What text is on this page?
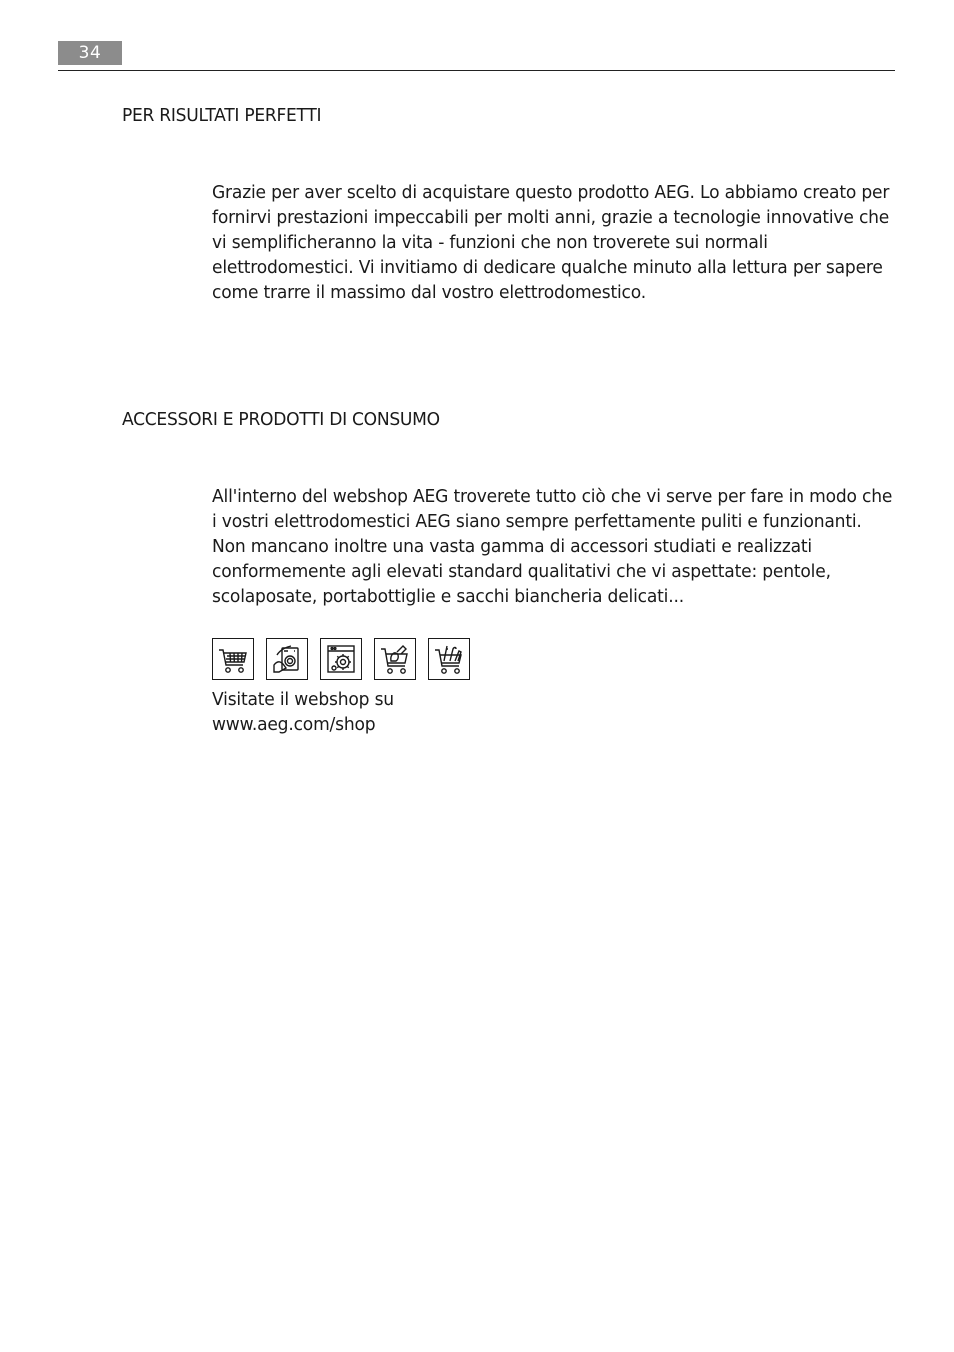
34
PER RISULTATI PERFETTI

Grazie per aver scelto di acquistare questo prodotto AEG. Lo abbiamo creato per
fornirvi prestazioni impeccabili per molti anni, grazie a tecnologie innovative che
vi semplificheranno la vita - funzioni che non troverete sui normali
elettrodomestici. Vi invitiamo di dedicare qualche minuto alla lettura per sapere
come trarre il massimo dal vostro elettrodomestico.

ACCESSORI E PRODOTTI DI CONSUMO

All'interno del webshop AEG troverete tutto ciò che vi serve per fare in modo che
i vostri elettrodomestici AEG siano sempre perfettamente puliti e funzionanti.
Non mancano inoltre una vasta gamma di accessori studiati e realizzati
conformemente agli elevati standard qualitativi che vi aspettate: pentole,
scolaposate, portabottiglie e sacchi biancheria delicati...

Visitate il webshop su
www.aeg.com/shop
